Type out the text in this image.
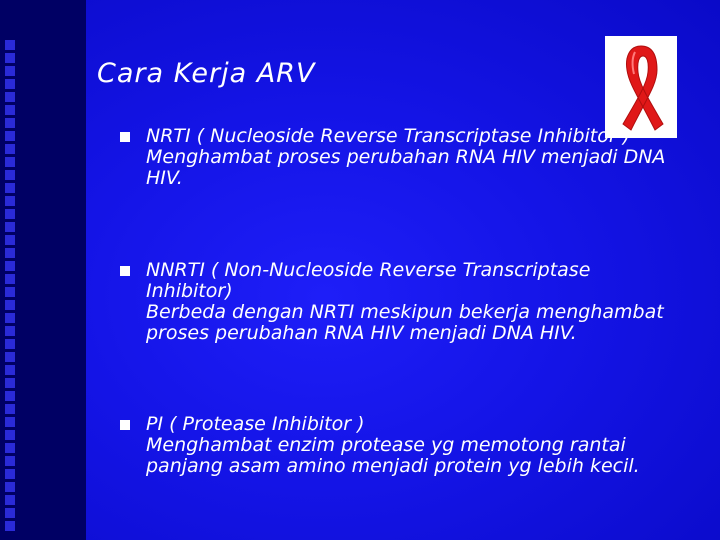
Cara Kerja ARV
NRTI ( Nucleoside Reverse Transcriptase Inhibitor )
Menghambat proses perubahan RNA HIV menjadi DNA HIV.
NNRTI ( Non-Nucleoside Reverse Transcriptase Inhibitor)
Berbeda dengan NRTI meskipun bekerja menghambat proses perubahan RNA HIV menjadi DNA HIV.
PI ( Protease Inhibitor )
Menghambat enzim protease yg memotong rantai panjang asam amino menjadi protein yg lebih kecil.
